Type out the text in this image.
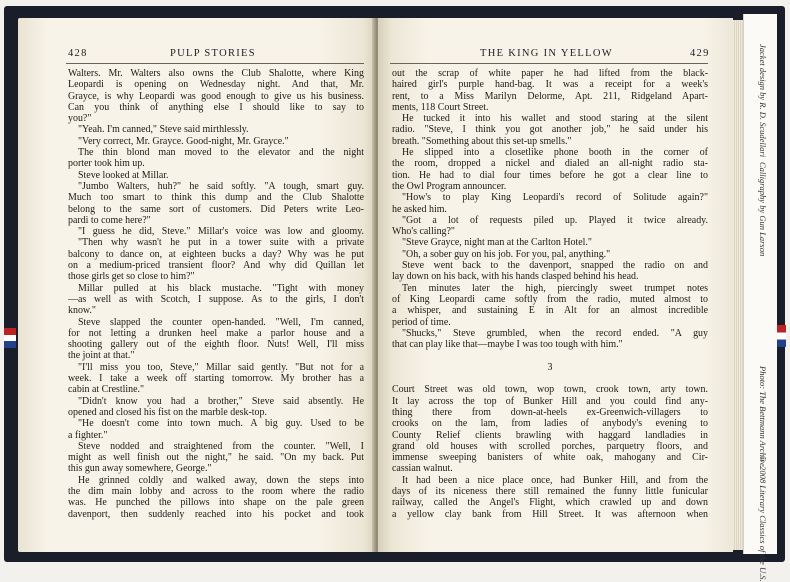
428	PULP STORIES
Walters. Mr. Walters also owns the Club Shalotte, where King
Leopardi is opening on Wednesday night. And that, Mr.
Grayce, is why Leopardi was good enough to give us his business.
Can you think of anything else I should like to say to
you?"
"Yeah. I'm canned," Steve said mirthlessly.
"Very correct, Mr. Grayce. Good-night, Mr. Grayce."
The thin blond man moved to the elevator and the night
porter took him up.
Steve looked at Millar.
"Jumbo Walters, huh?" he said softly. "A tough, smart guy.
Much too smart to think this dump and the Club Shalotte
belong to the same sort of customers. Did Peters write Leo-
pardi to come here?"
"I guess he did, Steve." Millar's voice was low and gloomy.
"Then why wasn't he put in a tower suite with a private
balcony to dance on, at eighteen bucks a day? Why was he put
on a medium-priced transient floor? And why did Quillan let
those girls get so close to him?"
Millar pulled at his black mustache. "Tight with money
—as well as with Scotch, I suppose. As to the girls, I don't
know."
Steve slapped the counter open-handed. "Well, I'm canned,
for not letting a drunken heel make a parlor house and a
shooting gallery out of the eighth floor. Nuts! Well, I'll miss
the joint at that."
"I'll miss you too, Steve," Millar said gently. "But not for a
week. I take a week off starting tomorrow. My brother has a
cabin at Crestline."
"Didn't know you had a brother," Steve said absently. He
opened and closed his fist on the marble desk-top.
"He doesn't come into town much. A big guy. Used to be
a fighter."
Steve nodded and straightened from the counter. "Well, I
might as well finish out the night," he said. "On my back. Put
this gun away somewhere, George."
He grinned coldly and walked away, down the steps into
the dim main lobby and across to the room where the radio
was. He punched the pillows into shape on the pale green
davenport, then suddenly reached into his pocket and took
THE KING IN YELLOW	429
out the scrap of white paper he had lifted from the black-
haired girl's purple hand-bag. It was a receipt for a week's
rent, to a Miss Marilyn Delorme, Apt. 211, Ridgeland Apart-
ments, 118 Court Street.
He tucked it into his wallet and stood staring at the silent
radio. "Steve, I think you got another job," he said under his
breath. "Something about this set-up smells."
He slipped into a closetlike phone booth in the corner of
the room, dropped a nickel and dialed an all-night radio sta-
tion. He had to dial four times before he got a clear line to
the Owl Program announcer.
"How's to play King Leopardi's record of Solitude again?"
he asked him.
"Got a lot of requests piled up. Played it twice already.
Who's calling?"
"Steve Grayce, night man at the Carlton Hotel."
"Oh, a sober guy on his job. For you, pal, anything."
Steve went back to the davenport, snapped the radio on and
lay down on his back, with his hands clasped behind his head.
Ten minutes later the high, piercingly sweet trumpet notes
of King Leopardi came softly from the radio, muted almost to
a whisper, and sustaining E in Alt for an almost incredible
period of time.
"Shucks," Steve grumbled, when the record ended. "A guy
that can play like that—maybe I was too tough with him."
3
Court Street was old town, wop town, crook town, arty town.
It lay across the top of Bunker Hill and you could find any-
thing there from down-at-heels ex-Greenwich-villagers to
crooks on the lam, from ladies of anybody's evening to
County Relief clients brawling with haggard landladies in
grand old houses with scrolled porches, parquetry floors, and
immense sweeping banisters of white oak, mahogany and Cir-
cassian walnut.
It had been a nice place once, had Bunker Hill, and from the
days of its niceness there still remained the funny little funicular
railway, called the Angel's Flight, which crawled up and down
a yellow clay bank from Hill Street. It was afternoon when
Jacket design by R. D. Scudellari
Calligraphy by Gun Larson
Photo: The Bettmann Archive
© 2008 Literary Classics of the U.S.
